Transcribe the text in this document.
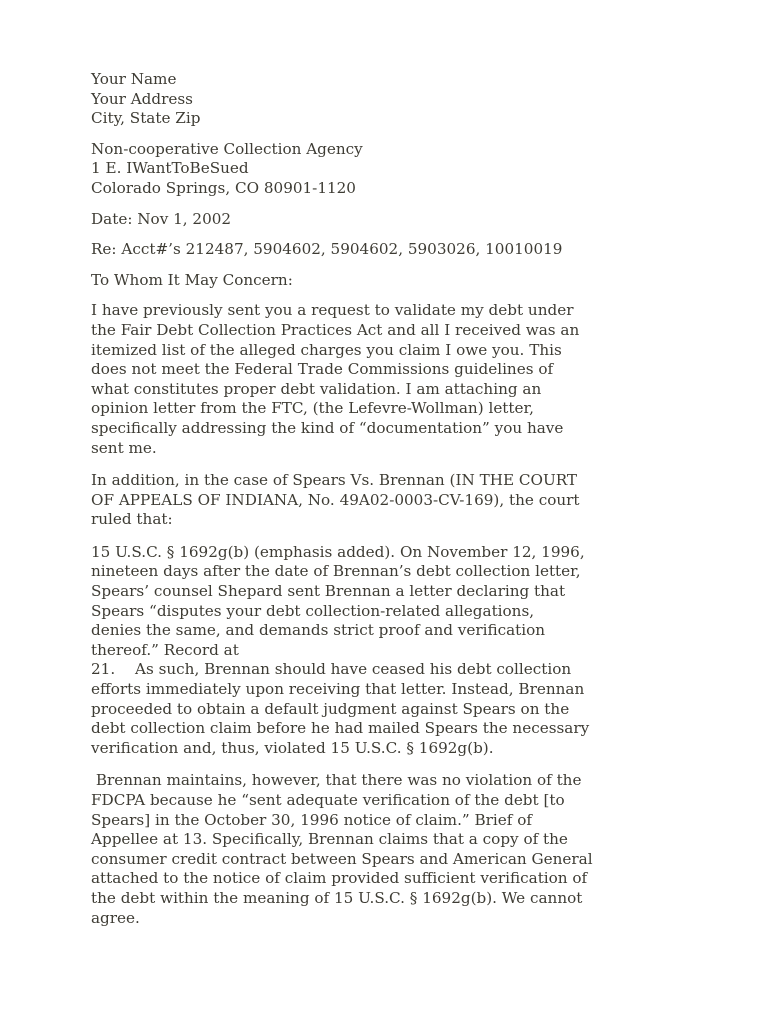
Your Name
Your Address
City, State Zip
Non-cooperative Collection Agency
1 E. IWantToBeSued
Colorado Springs, CO 80901-1120
Date: Nov 1, 2002
Re: Acct#’s 212487, 5904602, 5904602, 5903026, 10010019
To Whom It May Concern:
I have previously sent you a request to validate my debt under
the Fair Debt Collection Practices Act and all I received was an
itemized list of the alleged charges you claim I owe you. This
does not meet the Federal Trade Commissions guidelines of
what constitutes proper debt validation. I am attaching an
opinion letter from the FTC, (the Lefevre-Wollman) letter,
specifically addressing the kind of “documentation” you have
sent me.
In addition, in the case of Spears Vs. Brennan (IN THE COURT
OF APPEALS OF INDIANA, No. 49A02-0003-CV-169), the court
ruled that:
15 U.S.C. § 1692g(b) (emphasis added). On November 12, 1996,
nineteen days after the date of Brennan’s debt collection letter,
Spears’ counsel Shepard sent Brennan a letter declaring that
Spears “disputes your debt collection-related allegations,
denies the same, and demands strict proof and verification
thereof.” Record at
21. As such, Brennan should have ceased his debt collection
efforts immediately upon receiving that letter. Instead, Brennan
proceeded to obtain a default judgment against Spears on the
debt collection claim before he had mailed Spears the necessary
verification and, thus, violated 15 U.S.C. § 1692g(b).
Brennan maintains, however, that there was no violation of the
FDCPA because he “sent adequate verification of the debt [to
Spears] in the October 30, 1996 notice of claim.” Brief of
Appellee at 13. Specifically, Brennan claims that a copy of the
consumer credit contract between Spears and American General
attached to the notice of claim provided sufficient verification of
the debt within the meaning of 15 U.S.C. § 1692g(b). We cannot
agree.
